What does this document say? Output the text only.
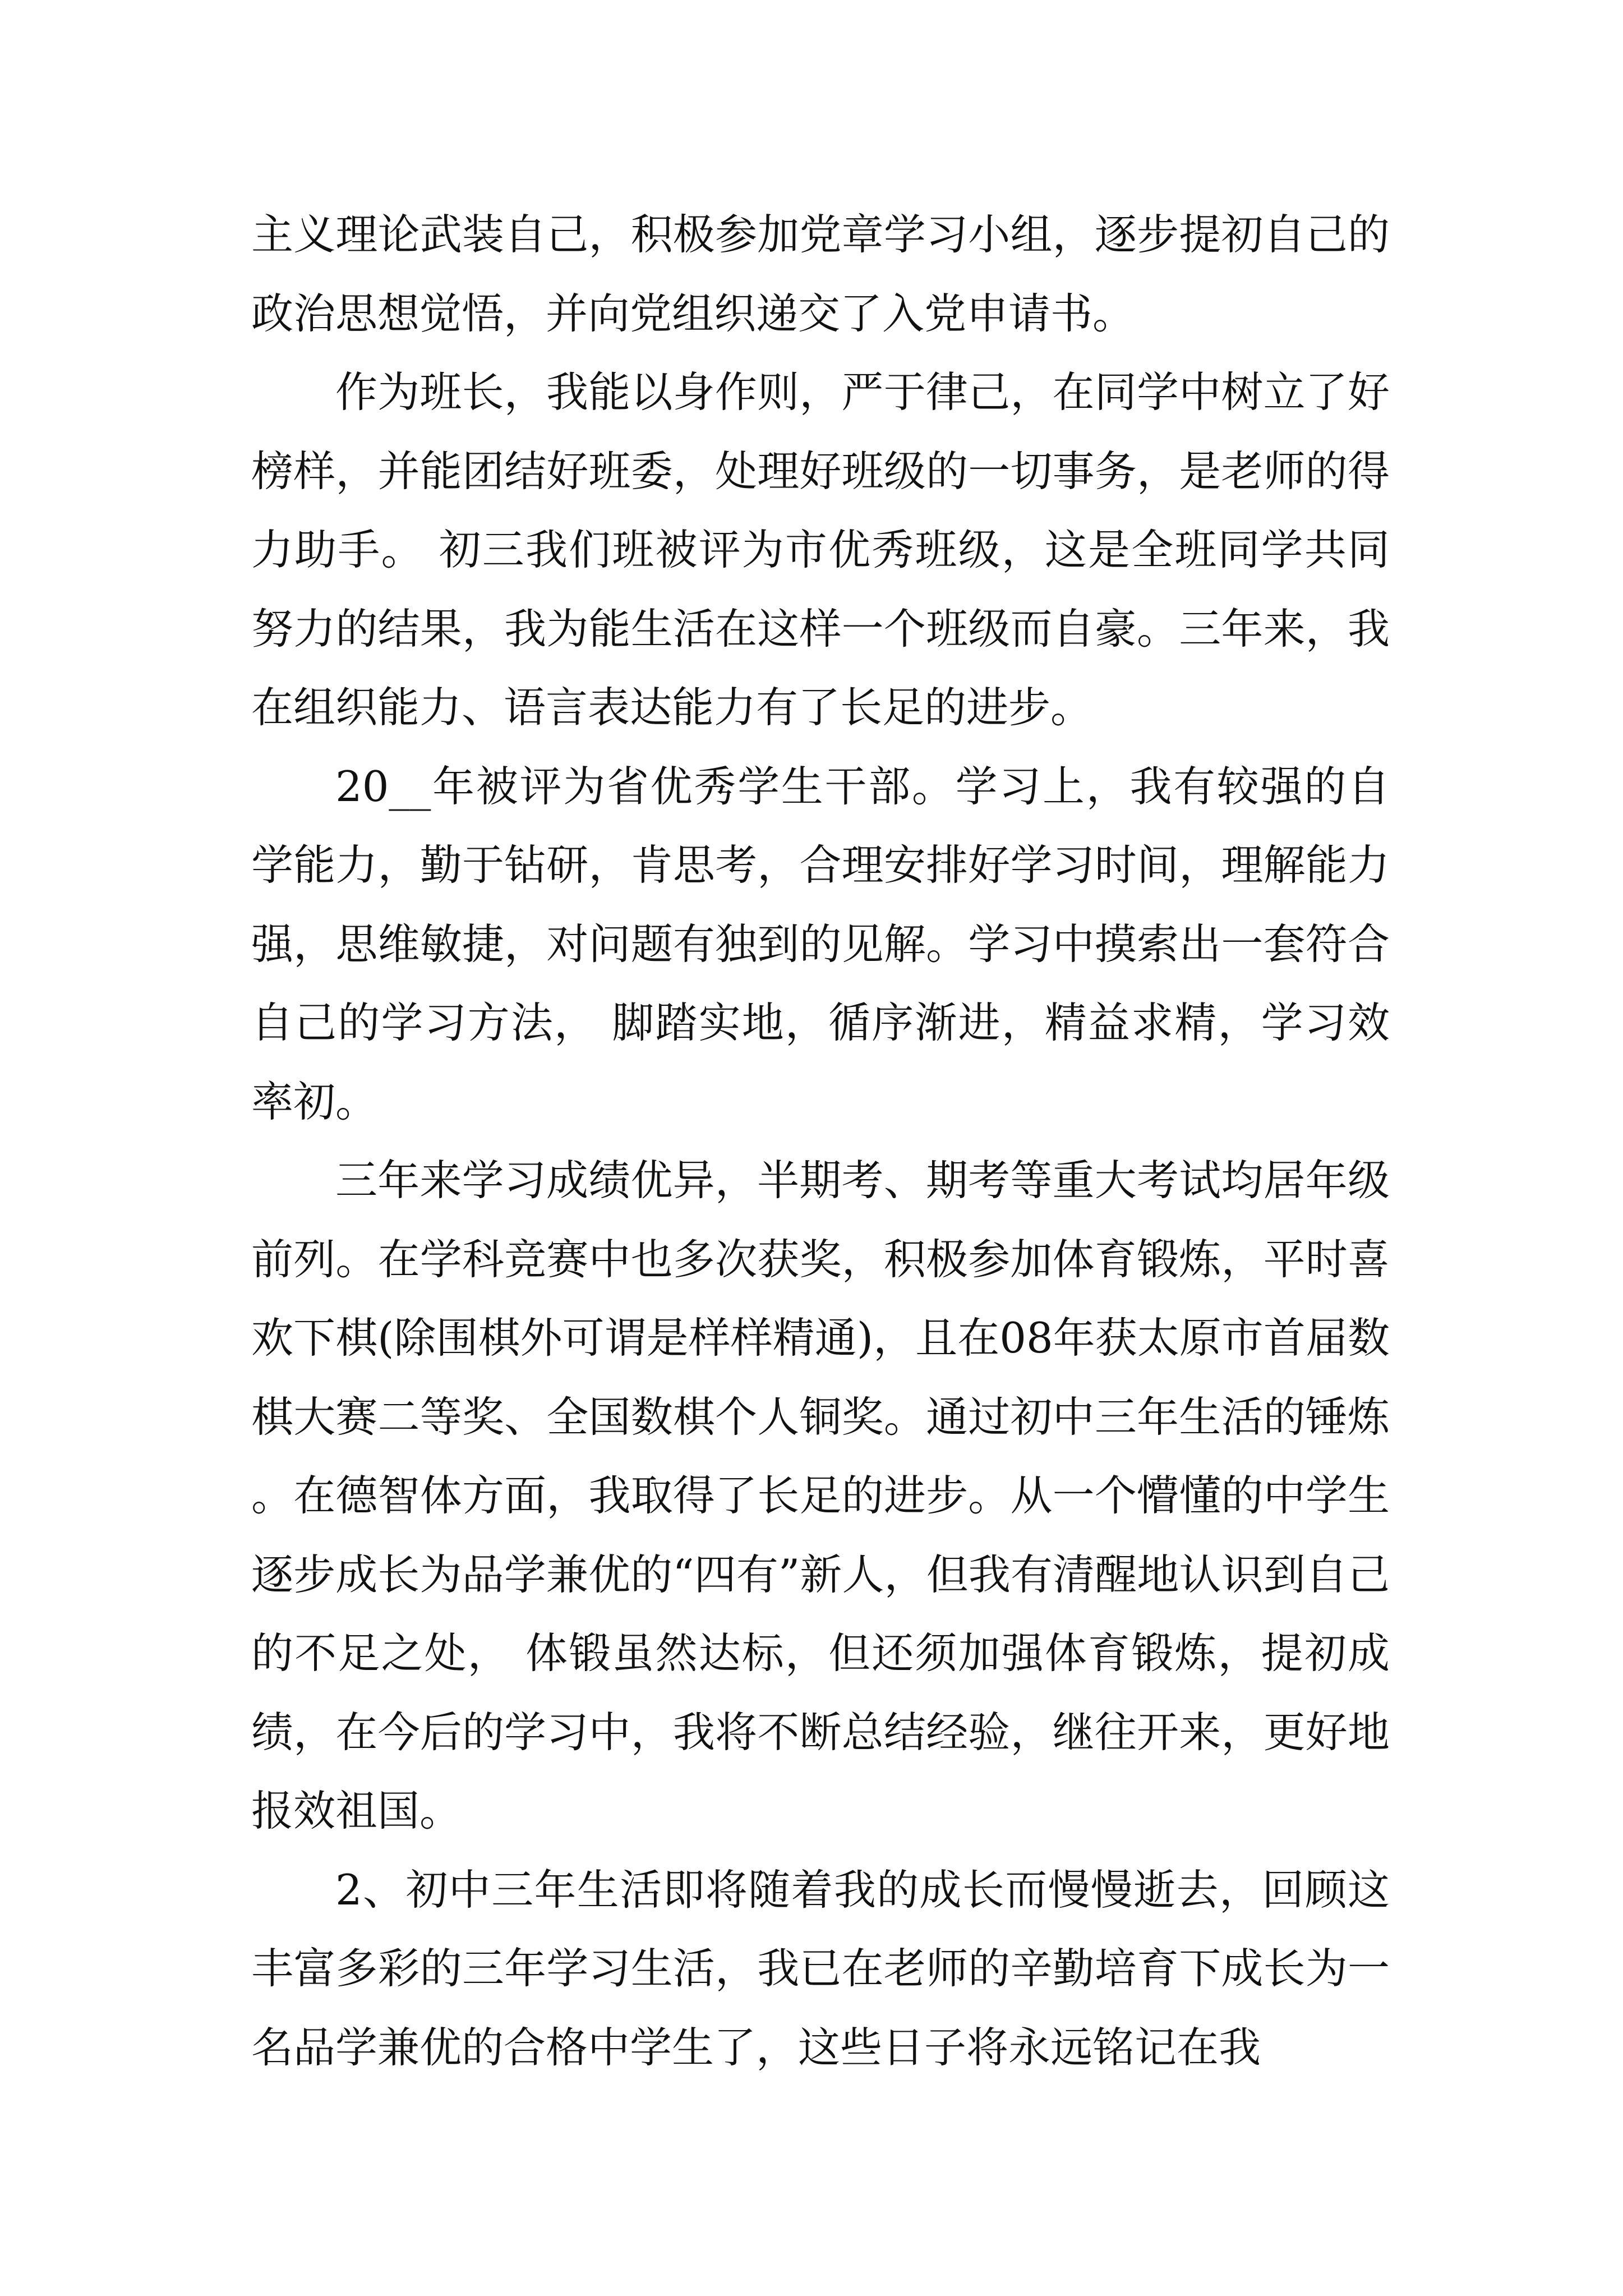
主义理论武装自己，积极参加党章学习小组，逐步提初自己的政治思想觉悟，并向党组织递交了入党申请书。

作为班长，我能以身作则，严于律己，在同学中树立了好榜样，并能团结好班委，处理好班级的一切事务，是老师的得力助手。 初三我们班被评为市优秀班级，这是全班同学共同努力的结果，我为能生活在这样一个班级而自豪。三年来，我在组织能力、语言表达能力有了长足的进步。

20__年被评为省优秀学生干部。学习上，我有较强的自学能力，勤于钻研，肯思考，合理安排好学习时间，理解能力强，思维敏捷，对问题有独到的见解。学习中摸索出一套符合自己的学习方法， 脚踏实地，循序渐进，精益求精，学习效率初。

三年来学习成绩优异，半期考、期考等重大考试均居年级前列。在学科竞赛中也多次获奖，积极参加体育锻炼，平时喜欢下棋(除围棋外可谓是样样精通)，且在08年获太原市首届数棋大赛二等奖、全国数棋个人铜奖。通过初中三年生活的锤炼。在德智体方面，我取得了长足的进步。从一个懵懂的中学生逐步成长为品学兼优的“四有”新人，但我有清醒地认识到自己的不足之处， 体锻虽然达标，但还须加强体育锻炼，提初成绩，在今后的学习中，我将不断总结经验，继往开来，更好地报效祖国。

2、初中三年生活即将随着我的成长而慢慢逝去，回顾这丰富多彩的三年学习生活，我已在老师的辛勤培育下成长为一名品学兼优的合格中学生了，这些日子将永远铭记在我
